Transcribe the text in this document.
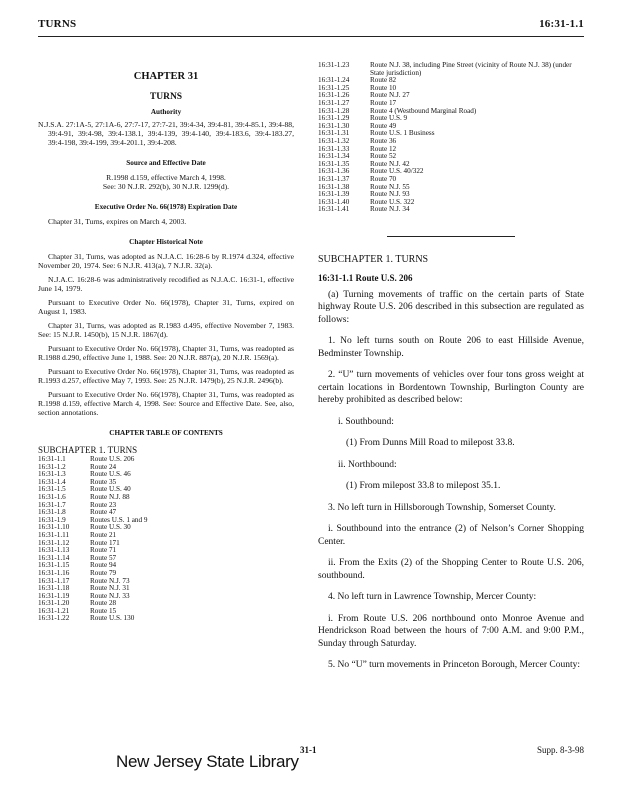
TURNS	16:31-1.1
CHAPTER 31
TURNS
Authority
N.J.S.A. 27:1A-5, 27:1A-6, 27:7-17, 27:7-21, 39:4-34, 39:4-81, 39:4-85.1, 39:4-88, 39:4-91, 39:4-98, 39:4-138.1, 39:4-139, 39:4-140, 39:4-183.6, 39:4-183.27, 39:4-198, 39:4-199, 39:4-201.1, 39:4-208.
Source and Effective Date

R.1998 d.159, effective March 4, 1998.

See: 30 N.J.R. 292(b), 30 N.J.R. 1299(d).

Executive Order No. 66(1978) Expiration Date

Chapter 31, Turns, expires on March 4, 2003.

Chapter Historical Note

Chapter 31, Turns, was adopted as N.J.A.C. 16:28-6 by R.1974 d.324, effective November 20, 1974. See: 6 N.J.R. 413(a), 7 N.J.R. 32(a).

N.J.A.C. 16:28-6 was administratively recodified as N.J.A.C. 16:31-1, effective June 14, 1979.

Pursuant to Executive Order No. 66(1978), Chapter 31, Turns, expired on August 1, 1983.

Chapter 31, Turns, was adopted as R.1983 d.495, effective November 7, 1983. See: 15 N.J.R. 1450(b), 15 N.J.R. 1867(d).

Pursuant to Executive Order No. 66(1978), Chapter 31, Turns, was readopted as R.1988 d.290, effective June 1, 1988. See: 20 N.J.R. 887(a), 20 N.J.R. 1569(a).

Pursuant to Executive Order No. 66(1978), Chapter 31, Turns, was readopted as R.1993 d.257, effective May 7, 1993. See: 25 N.J.R. 1479(b), 25 N.J.R. 2496(b).

Pursuant to Executive Order No. 66(1978), Chapter 31, Turns, was readopted as R.1998 d.159, effective March 4, 1998. See: Source and Effective Date. See, also, section annotations.

CHAPTER TABLE OF CONTENTS
SUBCHAPTER 1. TURNS
16:31-1.1	Route U.S. 206
16:31-1.2	Route 24
16:31-1.3	Route U.S. 46
16:31-1.4	Route 35
16:31-1.5	Route U.S. 40
16:31-1.6	Route N.J. 88
16:31-1.7	Route 23
16:31-1.8	Route 47
16:31-1.9	Routes U.S. 1 and 9
16:31-1.10	Route U.S. 30
16:31-1.11	Route 21
16:31-1.12	Route 171
16:31-1.13	Route 71
16:31-1.14	Route 57
16:31-1.15	Route 94
16:31-1.16	Route 79
16:31-1.17	Route N.J. 73
16:31-1.18	Route N.J. 31
16:31-1.19	Route N.J. 33
16:31-1.20	Route 28
16:31-1.21	Route 15
16:31-1.22	Route U.S. 130
16:31-1.23	Route N.J. 38, including Pine Street (vicinity of Route N.J. 38) (under State jurisdiction)
16:31-1.24	Route 82
16:31-1.25	Route 10
16:31-1.26	Route N.J. 27
16:31-1.27	Route 17
16:31-1.28	Route 4 (Westbound Marginal Road)
16:31-1.29	Route U.S. 9
16:31-1.30	Route 49
16:31-1.31	Route U.S. 1 Business
16:31-1.32	Route 36
16:31-1.33	Route 12
16:31-1.34	Route 52
16:31-1.35	Route N.J. 42
16:31-1.36	Route U.S. 40/322
16:31-1.37	Route 70
16:31-1.38	Route N.J. 55
16:31-1.39	Route N.J. 93
16:31-1.40	Route U.S. 322
16:31-1.41	Route N.J. 34
SUBCHAPTER 1. TURNS
16:31-1.1 Route U.S. 206

(a) Turning movements of traffic on the certain parts of State highway Route U.S. 206 described in this subsection are regulated as follows:

1. No left turns south on Route 206 to east Hillside Avenue, Bedminster Township.

2. “U” turn movements of vehicles over four tons gross weight at certain locations in Bordentown Township, Burlington County are hereby prohibited as described below:

i. Southbound:

(1) From Dunns Mill Road to milepost 33.8.

ii. Northbound:

(1) From milepost 33.8 to milepost 35.1.

3. No left turn in Hillsborough Township, Somerset County.

i. Southbound into the entrance (2) of Nelson’s Corner Shopping Center.

ii. From the Exits (2) of the Shopping Center to Route U.S. 206, southbound.

4. No left turn in Lawrence Township, Mercer County:

i. From Route U.S. 206 northbound onto Monroe Avenue and Hendrickson Road between the hours of 7:00 A.M. and 9:00 P.M., Sunday through Saturday.

5. No “U” turn movements in Princeton Borough, Mercer County:

New Jersey State Library
31-1	Supp. 8-3-98
